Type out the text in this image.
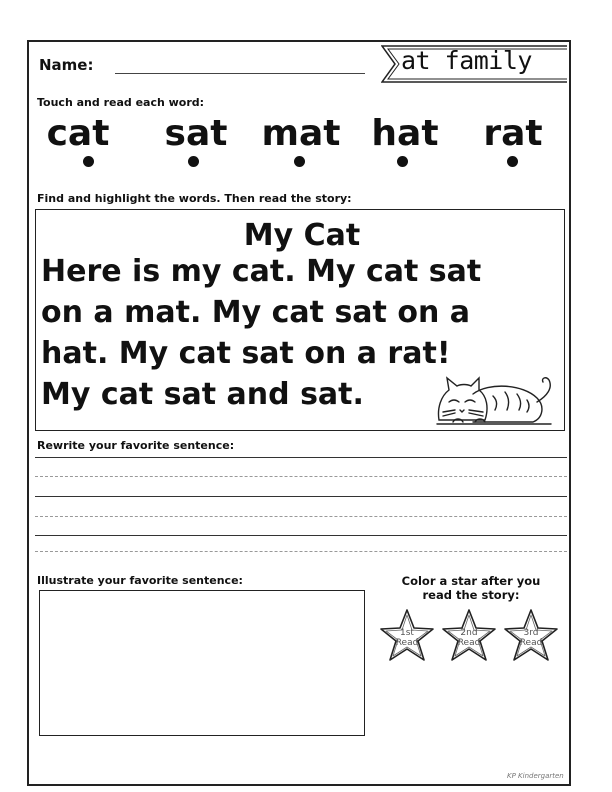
Name:	at family
Touch and read each word:
cat	sat mat hat	rat
Find and highlight the words. Then read the story:
My Cat
Here is my cat. My cat sat
on a mat. My cat sat on a
hat. My cat sat on a rat!
My cat sat and sat.
Rewrite your favorite sentence:
Illustrate your favorite sentence:	Color a star after you
read the story:
1st
Read
2nd
Read
3rd
Read
KP Kindergarten
